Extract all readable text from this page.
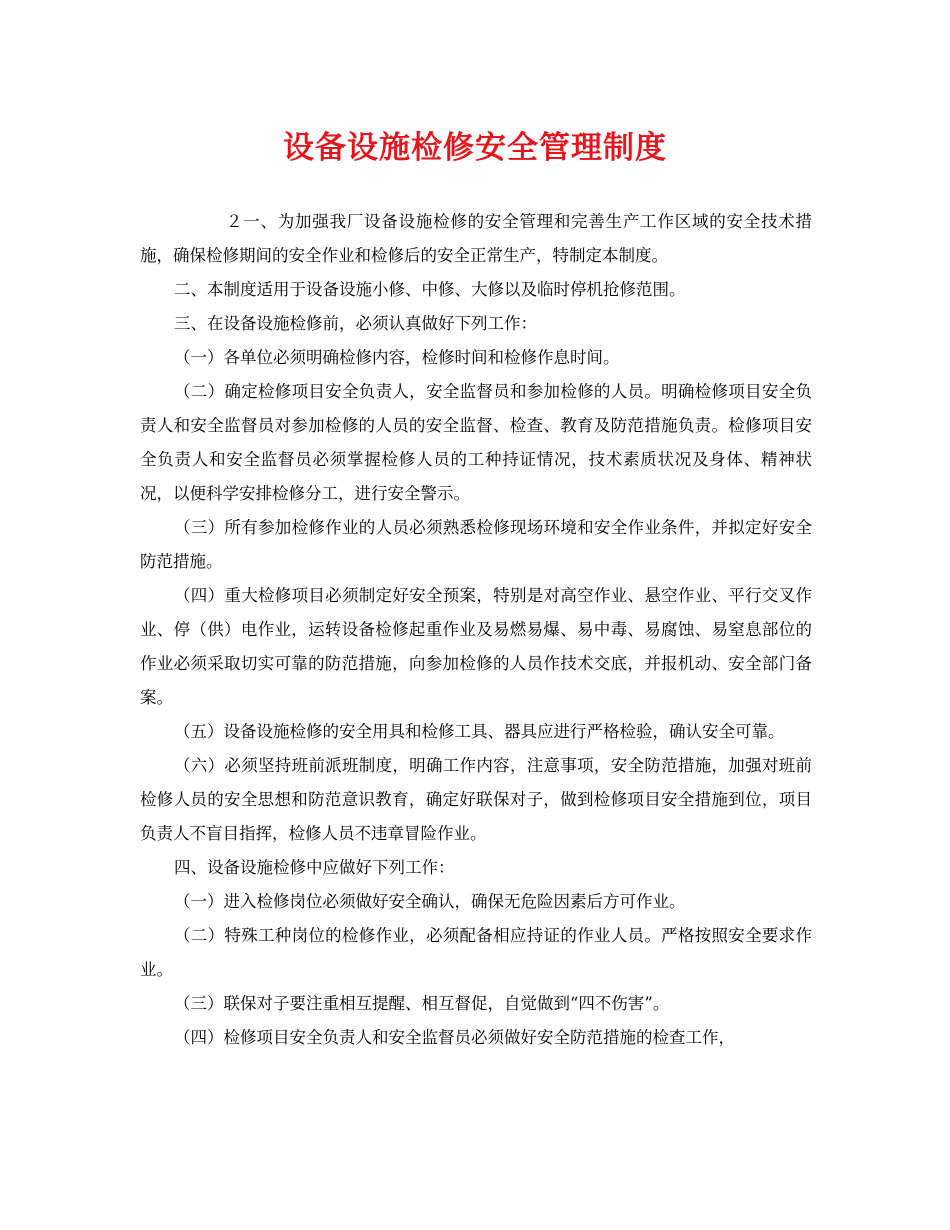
设备设施检修安全管理制度

２一、为加强我厂设备设施检修的安全管理和完善生产工作区域的安全技术措施，确保检修期间的安全作业和检修后的安全正常生产，特制定本制度。

二、本制度适用于设备设施小修、中修、大修以及临时停机抢修范围。

三、在设备设施检修前，必须认真做好下列工作：

（一）各单位必须明确检修内容，检修时间和检修作息时间。

（二）确定检修项目安全负责人，安全监督员和参加检修的人员。明确检修项目安全负责人和安全监督员对参加检修的人员的安全监督、检查、教育及防范措施负责。检修项目安全负责人和安全监督员必须掌握检修人员的工种持证情况，技术素质状况及身体、精神状况，以便科学安排检修分工，进行安全警示。

（三）所有参加检修作业的人员必须熟悉检修现场环境和安全作业条件，并拟定好安全防范措施。

（四）重大检修项目必须制定好安全预案，特别是对高空作业、悬空作业、平行交叉作业、停（供）电作业，运转设备检修起重作业及易燃易爆、易中毒、易腐蚀、易窒息部位的作业必须采取切实可靠的防范措施，向参加检修的人员作技术交底，并报机动、安全部门备案。

（五）设备设施检修的安全用具和检修工具、器具应进行严格检验，确认安全可靠。

（六）必须坚持班前派班制度，明确工作内容，注意事项，安全防范措施，加强对班前检修人员的安全思想和防范意识教育，确定好联保对子，做到检修项目安全措施到位，项目负责人不盲目指挥，检修人员不违章冒险作业。

四、设备设施检修中应做好下列工作：

（一）进入检修岗位必须做好安全确认，确保无危险因素后方可作业。

（二）特殊工种岗位的检修作业，必须配备相应持证的作业人员。严格按照安全要求作业。

（三）联保对子要注重相互提醒、相互督促，自觉做到“四不伤害”。

（四）检修项目安全负责人和安全监督员必须做好安全防范措施的检查工作，
